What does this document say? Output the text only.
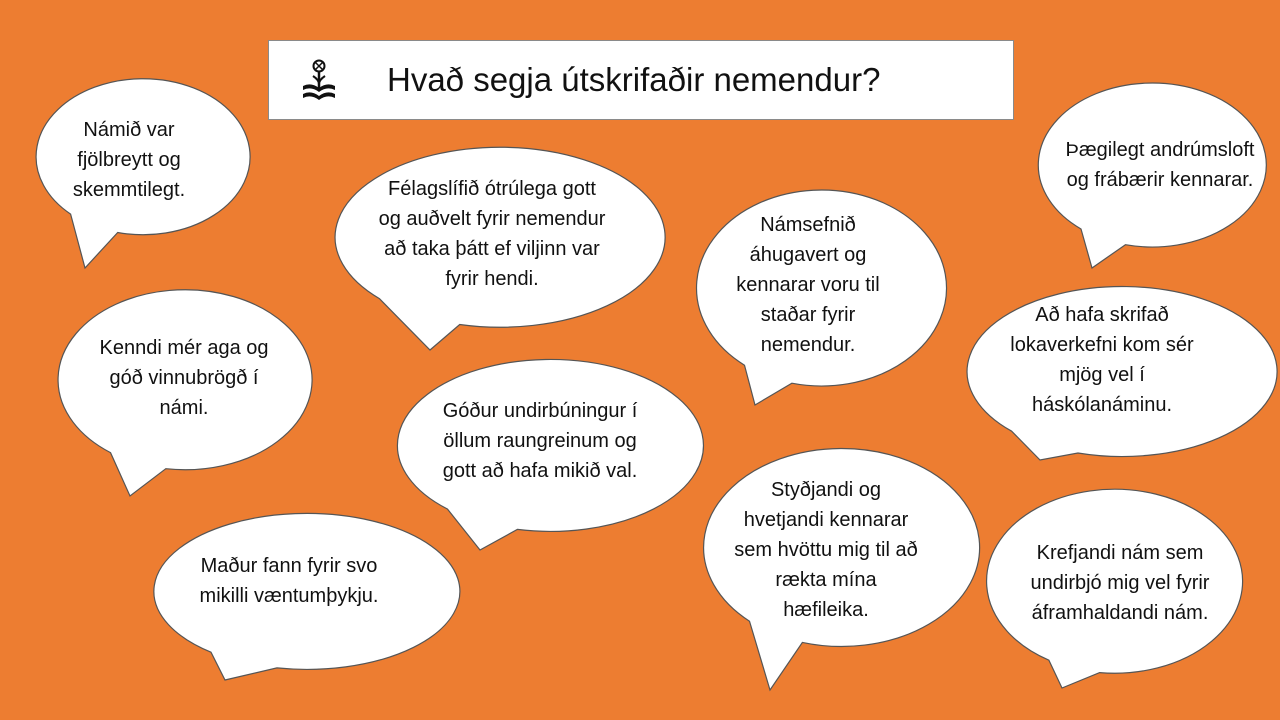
Hvað segja útskrifaðir nemendur?
Námið var fjölbreytt og skemmtilegt.	Félagslífið ótrúlega gott og auðvelt fyrir nemendur að taka þátt ef viljinn var fyrir hendi.
Þægilegt andrúmsloft og frábærir kennarar.
Námsefnið áhugavert og kennarar voru til staðar fyrir nemendur.
Kenndi mér aga og góð vinnubrögð í námi.
Að hafa skrifað lokaverkefni kom sér mjög vel í háskólanáminu.
Góður undirbúningur í öllum raungreinum og gott að hafa mikið val.
Styðjandi og hvetjandi kennarar sem hvöttu mig til að rækta mína hæfileika.
Maður fann fyrir svo mikilli væntumþykju.
Krefjandi nám sem undirbjó mig vel fyrir áframhaldandi nám.
